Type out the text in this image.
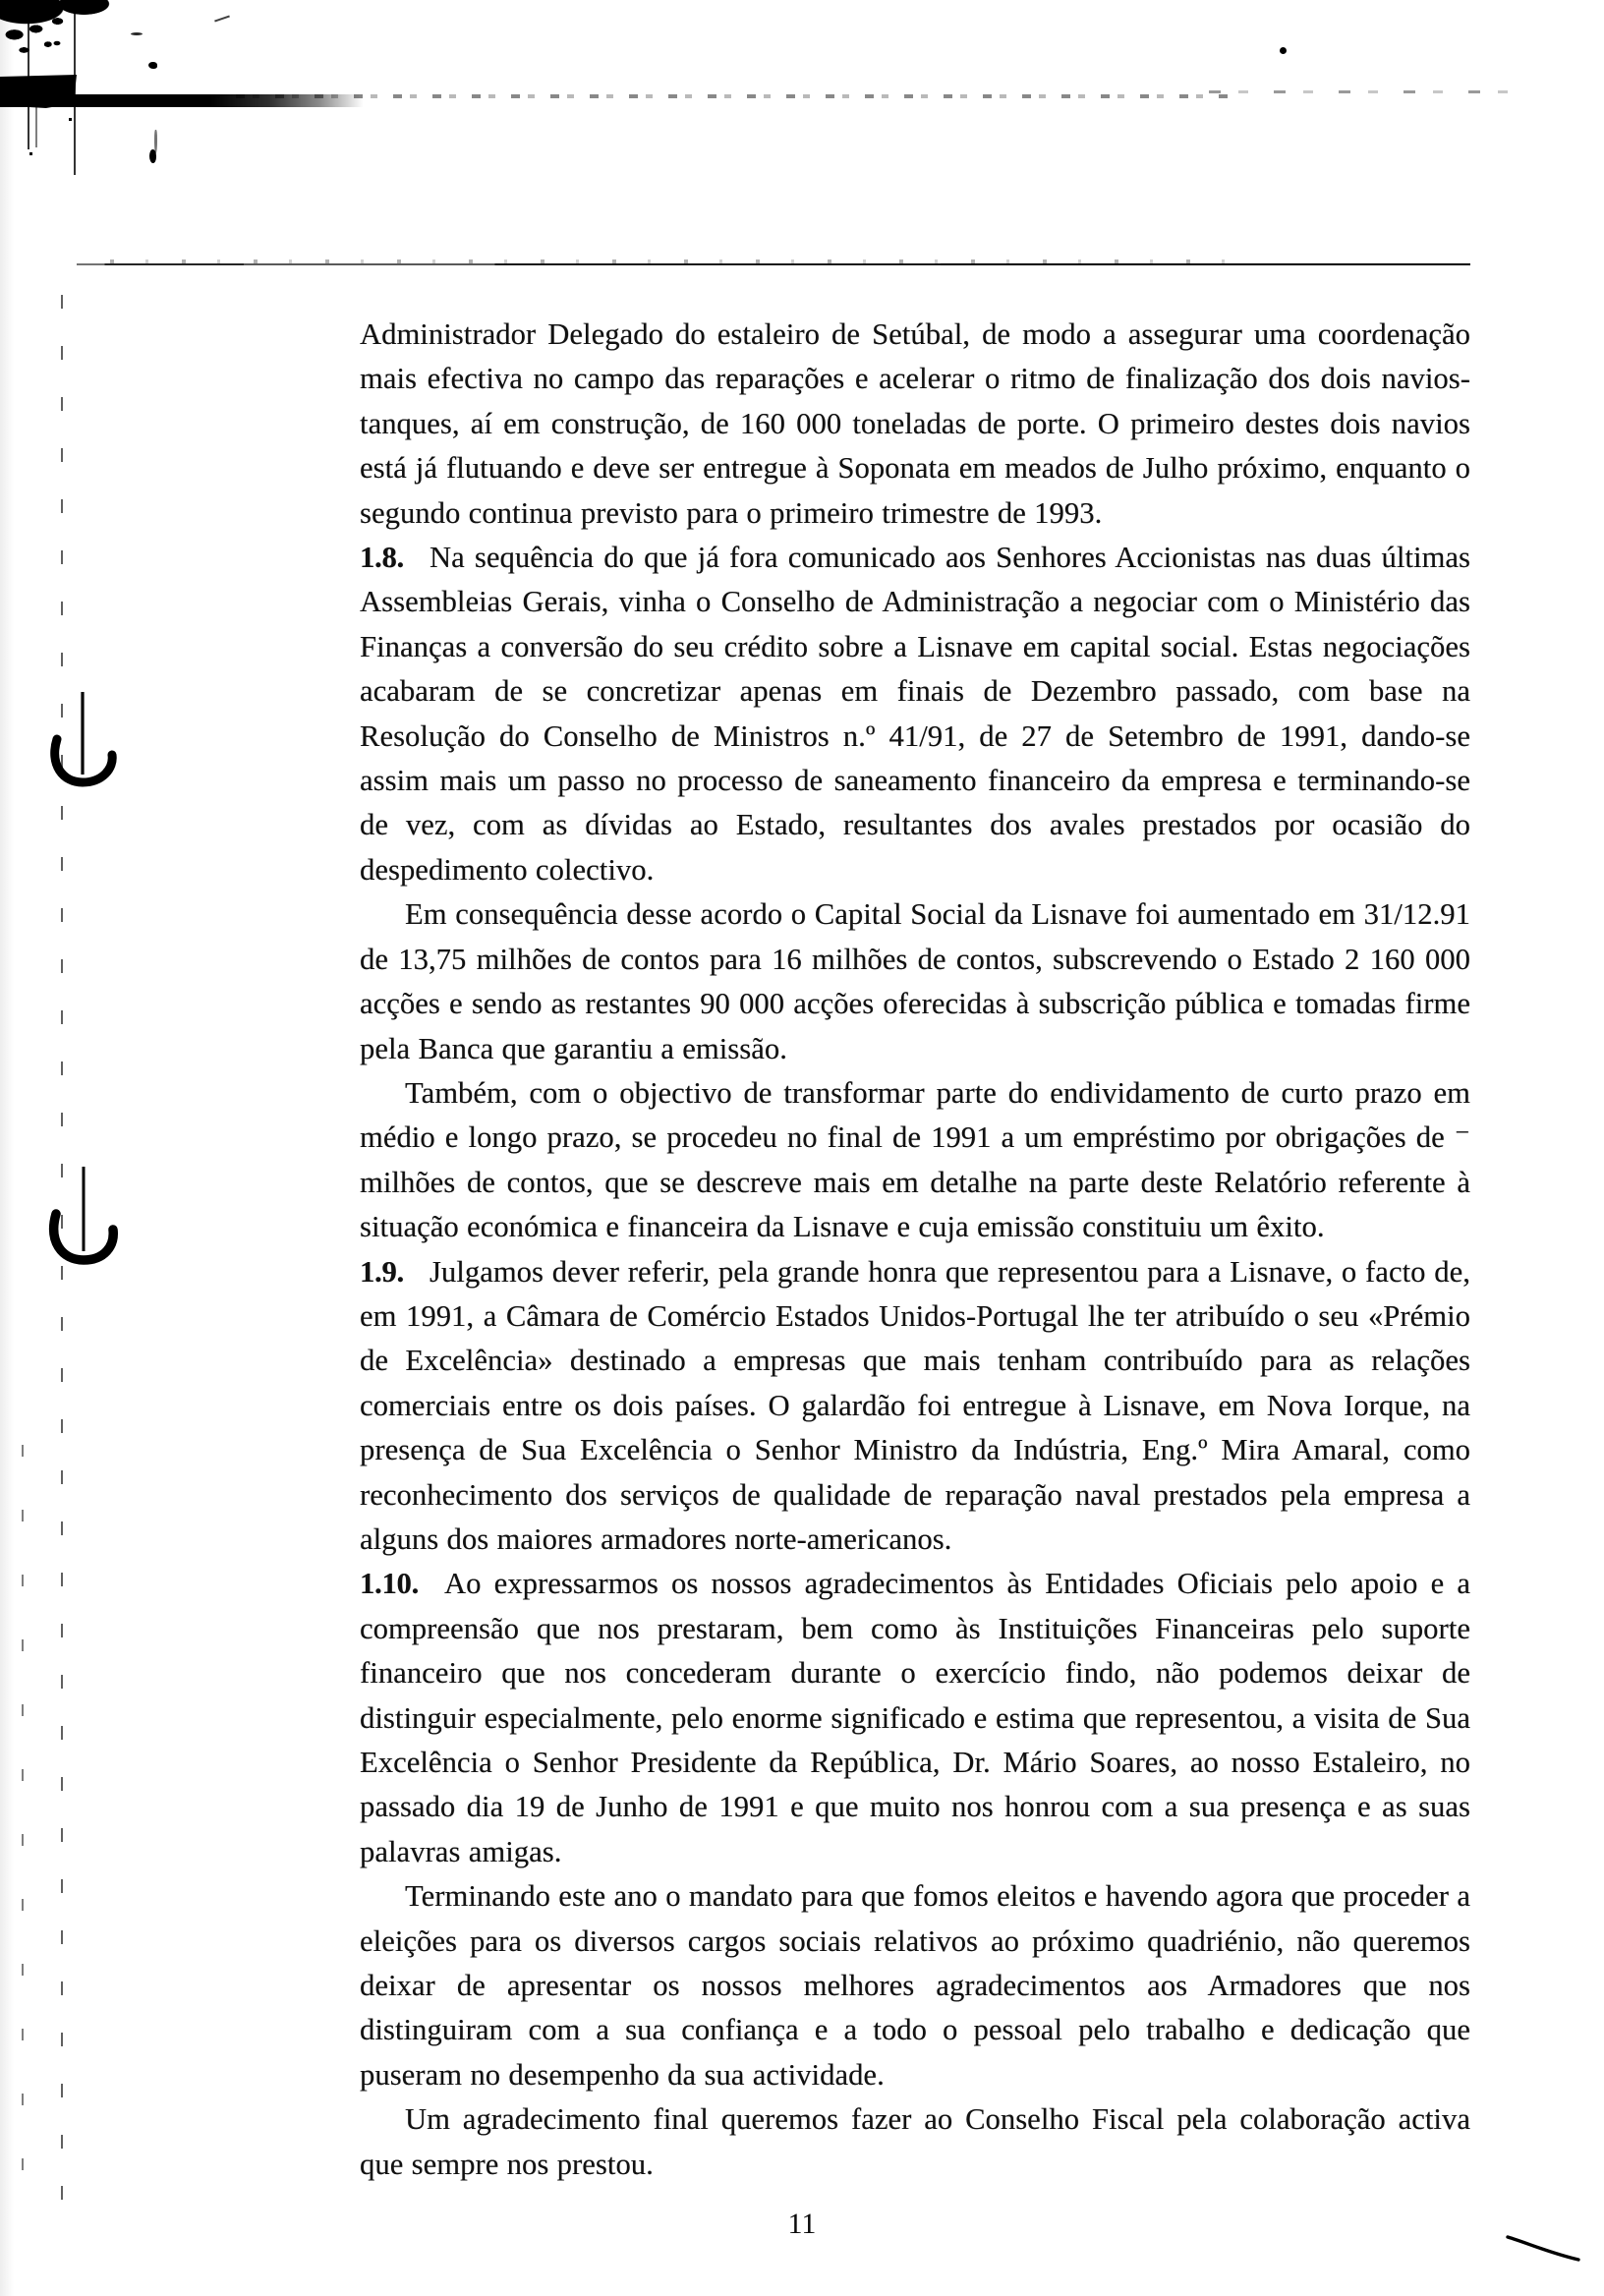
Administrador Delegado do estaleiro de Setúbal, de modo a assegurar uma coordenação mais efectiva no campo das reparações e acelerar o ritmo de finalização dos dois navios-tanques, aí em construção, de 160 000 toneladas de porte. O primeiro destes dois navios está já flutuando e deve ser entregue à Soponata em meados de Julho próximo, enquanto o segundo continua previsto para o primeiro trimestre de 1993.

1.8. Na sequência do que já fora comunicado aos Senhores Accionistas nas duas últimas Assembleias Gerais, vinha o Conselho de Administração a negociar com o Ministério das Finanças a conversão do seu crédito sobre a Lisnave em capital social. Estas negociações acabaram de se concretizar apenas em finais de Dezembro passado, com base na Resolução do Conselho de Ministros n.º 41/91, de 27 de Setembro de 1991, dando-se assim mais um passo no processo de saneamento financeiro da empresa e terminando-se de vez, com as dívidas ao Estado, resultantes dos avales prestados por ocasião do despedimento colectivo.

Em consequência desse acordo o Capital Social da Lisnave foi aumentado em 31/12.91 de 13,75 milhões de contos para 16 milhões de contos, subscrevendo o Estado 2 160 000 acções e sendo as restantes 90 000 acções oferecidas à subscrição pública e tomadas firme pela Banca que garantiu a emissão.

Também, com o objectivo de transformar parte do endividamento de curto prazo em médio e longo prazo, se procedeu no final de 1991 a um empréstimo por obrigações de ⁻ milhões de contos, que se descreve mais em detalhe na parte deste Relatório referente à situação económica e financeira da Lisnave e cuja emissão constituiu um êxito.

1.9. Julgamos dever referir, pela grande honra que representou para a Lisnave, o facto de, em 1991, a Câmara de Comércio Estados Unidos-Portugal lhe ter atribuído o seu «Prémio de Excelência» destinado a empresas que mais tenham contribuído para as relações comerciais entre os dois países. O galardão foi entregue à Lisnave, em Nova Iorque, na presença de Sua Excelência o Senhor Ministro da Indústria, Eng.º Mira Amaral, como reconhecimento dos serviços de qualidade de reparação naval prestados pela empresa a alguns dos maiores armadores norte-americanos.

1.10. Ao expressarmos os nossos agradecimentos às Entidades Oficiais pelo apoio e a compreensão que nos prestaram, bem como às Instituições Financeiras pelo suporte financeiro que nos concederam durante o exercício findo, não podemos deixar de distinguir especialmente, pelo enorme significado e estima que representou, a visita de Sua Excelência o Senhor Presidente da República, Dr. Mário Soares, ao nosso Estaleiro, no passado dia 19 de Junho de 1991 e que muito nos honrou com a sua presença e as suas palavras amigas.

Terminando este ano o mandato para que fomos eleitos e havendo agora que proceder a eleições para os diversos cargos sociais relativos ao próximo quadriénio, não queremos deixar de apresentar os nossos melhores agradecimentos aos Armadores que nos distinguiram com a sua confiança e a todo o pessoal pelo trabalho e dedicação que puseram no desempenho da sua actividade.

Um agradecimento final queremos fazer ao Conselho Fiscal pela colaboração activa que sempre nos prestou.

11
